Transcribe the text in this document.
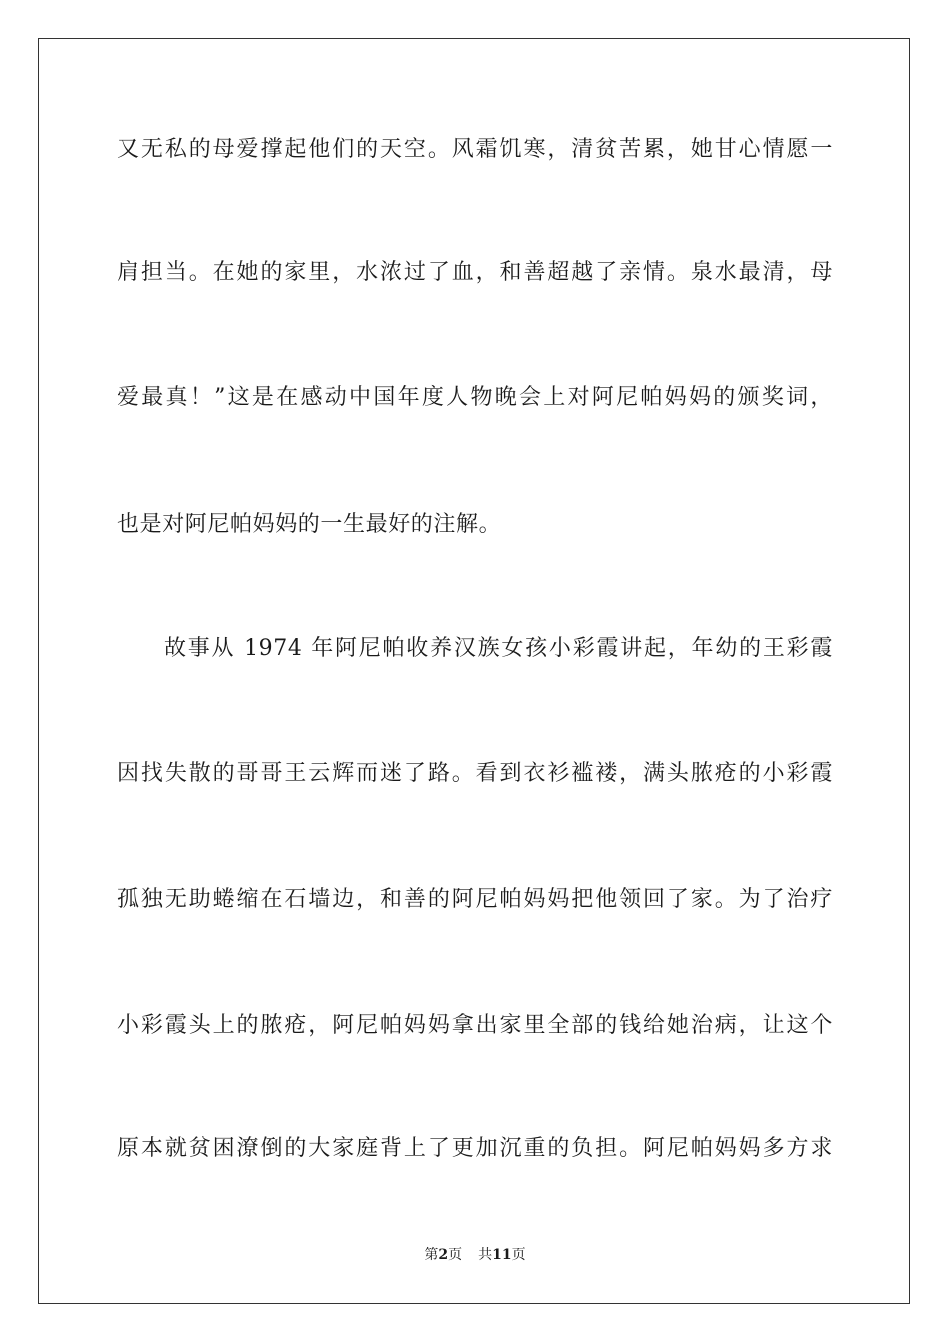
又无私的母爱撑起他们的天空。风霜饥寒，清贫苦累，她甘心情愿一
肩担当。在她的家里，水浓过了血，和善超越了亲情。泉水最清，母
爱最真！”这是在感动中国年度人物晚会上对阿尼帕妈妈的颁奖词，
也是对阿尼帕妈妈的一生最好的注解。
故事从 1974 年阿尼帕收养汉族女孩小彩霞讲起，年幼的王彩霞
因找失散的哥哥王云辉而迷了路。看到衣衫褴褛，满头脓疮的小彩霞
孤独无助蜷缩在石墙边，和善的阿尼帕妈妈把他领回了家。为了治疗
小彩霞头上的脓疮，阿尼帕妈妈拿出家里全部的钱给她治病，让这个
原本就贫困潦倒的大家庭背上了更加沉重的负担。阿尼帕妈妈多方求
第2页 共11页
